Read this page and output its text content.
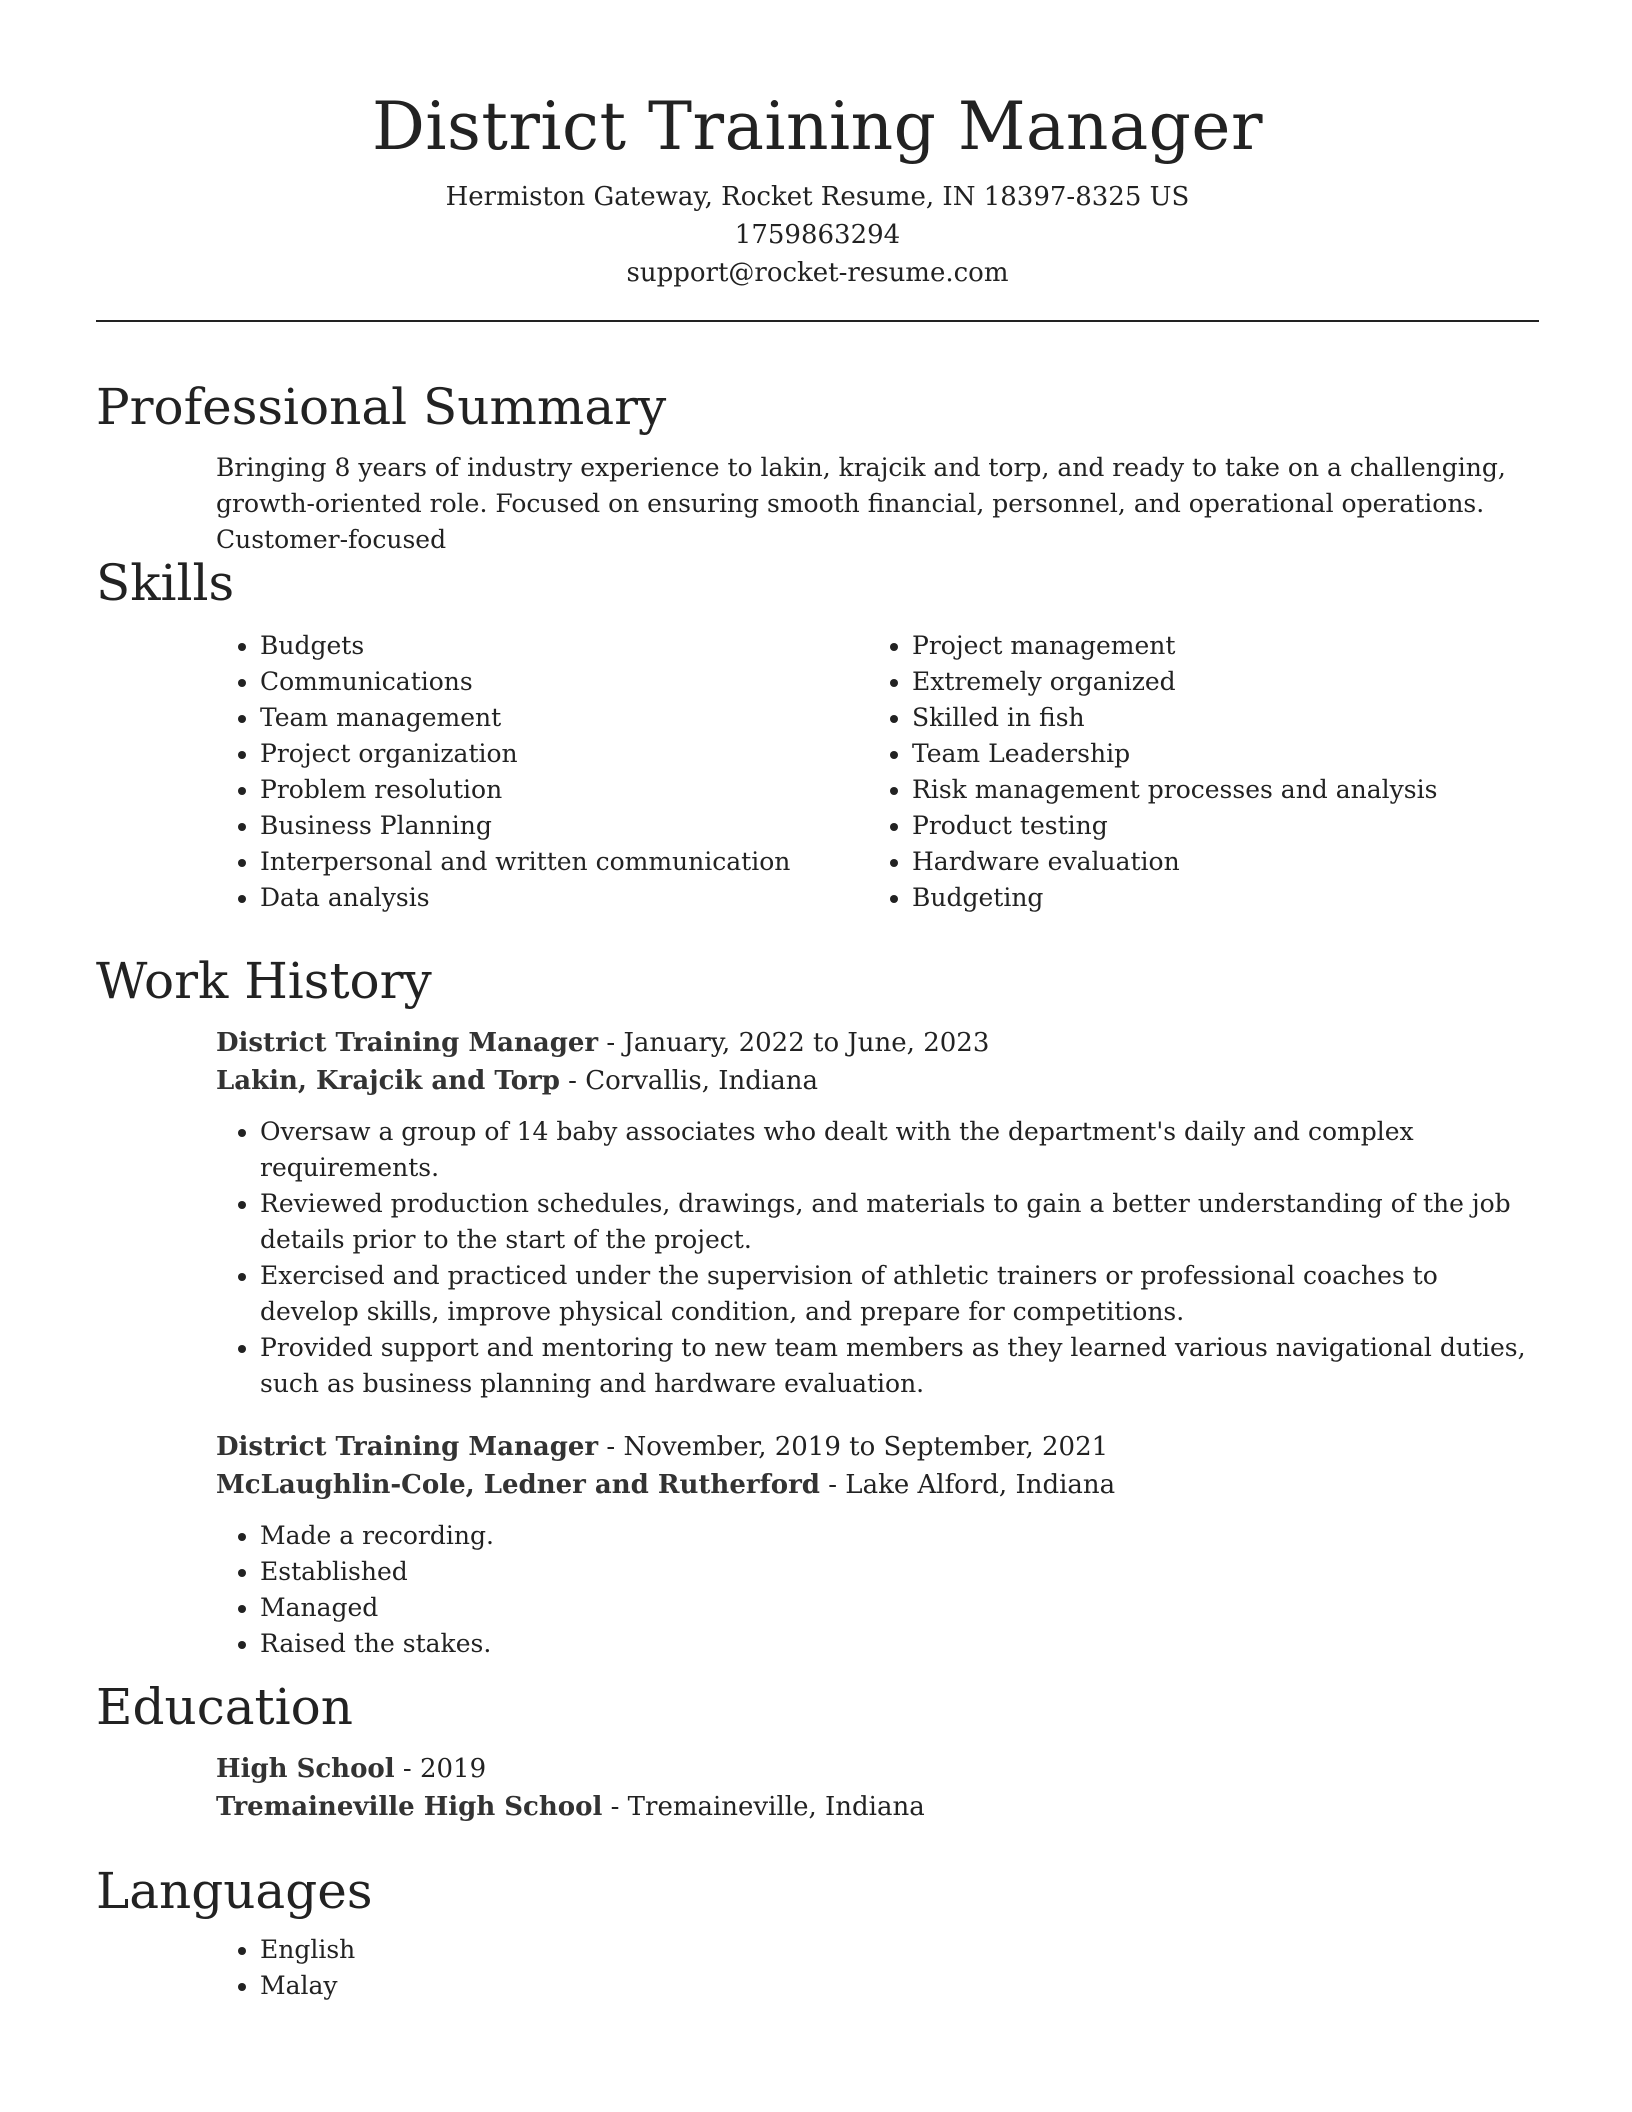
District Training Manager
Hermiston Gateway, Rocket Resume, IN 18397-8325 US
1759863294
support@rocket-resume.com
Professional Summary
Bringing 8 years of industry experience to lakin, krajcik and torp, and ready to take on a challenging, growth-oriented role. Focused on ensuring smooth financial, personnel, and operational operations. Customer-focused
Skills
• Budgets
• Communications
• Team management
• Project organization
• Problem resolution
• Business Planning
• Interpersonal and written communication
• Data analysis
• Project management
• Extremely organized
• Skilled in fish
• Team Leadership
• Risk management processes and analysis
• Product testing
• Hardware evaluation
• Budgeting
Work History
District Training Manager - January, 2022 to June, 2023
Lakin, Krajcik and Torp - Corvallis, Indiana
• Oversaw a group of 14 baby associates who dealt with the department's daily and complex requirements.
• Reviewed production schedules, drawings, and materials to gain a better understanding of the job details prior to the start of the project.
• Exercised and practiced under the supervision of athletic trainers or professional coaches to develop skills, improve physical condition, and prepare for competitions.
• Provided support and mentoring to new team members as they learned various navigational duties, such as business planning and hardware evaluation.
District Training Manager - November, 2019 to September, 2021
McLaughlin-Cole, Ledner and Rutherford - Lake Alford, Indiana
• Made a recording.
• Established
• Managed
• Raised the stakes.
Education
High School - 2019
Tremaineville High School - Tremaineville, Indiana
Languages
• English
• Malay
